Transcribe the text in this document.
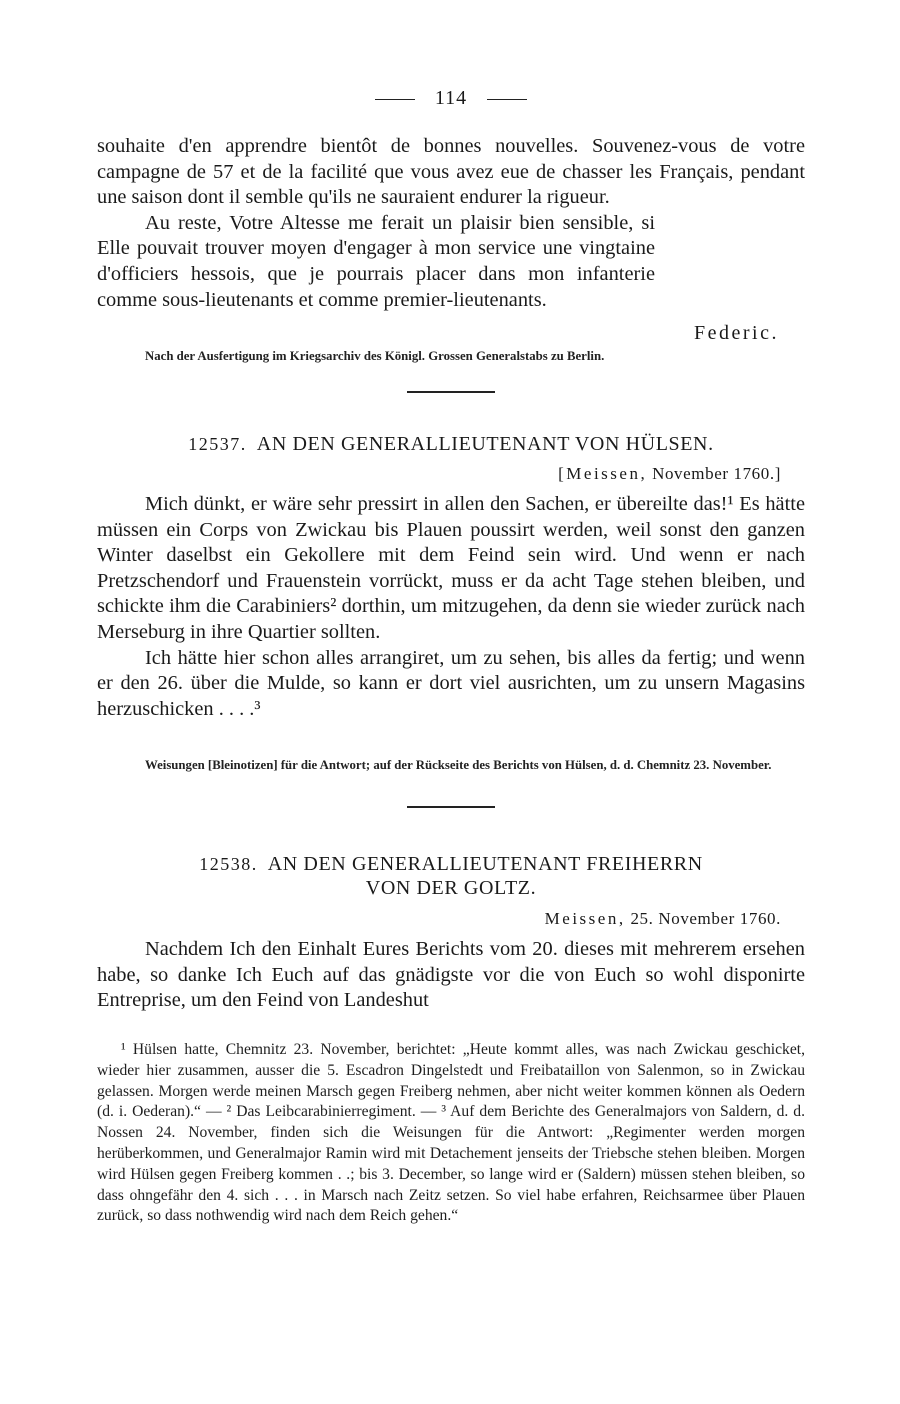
114

souhaite d'en apprendre bientôt de bonnes nouvelles. Souvenez-vous de votre campagne de 57 et de la facilité que vous avez eue de chasser les Français, pendant une saison dont il semble qu'ils ne sauraient endurer la rigueur.

Au reste, Votre Altesse me ferait un plaisir bien sensible, si Elle pouvait trouver moyen d'engager à mon service une vingtaine d'officiers hessois, que je pourrais placer dans mon infanterie comme sous-lieutenants et comme premier-lieutenants.

Federic.
Nach der Ausfertigung im Kriegsarchiv des Königl. Grossen Generalstabs zu Berlin.
12537. AN DEN GENERALLIEUTENANT VON HÜLSEN.
[Meissen, November 1760.]

Mich dünkt, er wäre sehr pressirt in allen den Sachen, er übereilte das!¹ Es hätte müssen ein Corps von Zwickau bis Plauen poussirt werden, weil sonst den ganzen Winter daselbst ein Gekollere mit dem Feind sein wird. Und wenn er nach Pretzschendorf und Frauenstein vorrückt, muss er da acht Tage stehen bleiben, und schickte ihm die Carabiniers² dorthin, um mitzugehen, da denn sie wieder zurück nach Merseburg in ihre Quartier sollten.

Ich hätte hier schon alles arrangiret, um zu sehen, bis alles da fertig; und wenn er den 26. über die Mulde, so kann er dort viel ausrichten, um zu unsern Magasins herzuschicken . . . .³

Weisungen [Bleinotizen] für die Antwort; auf der Rückseite des Berichts von Hülsen, d. d. Chemnitz 23. November.
12538. AN DEN GENERALLIEUTENANT FREIHERRN
VON DER GOLTZ.
Meissen, 25. November 1760.

Nachdem Ich den Einhalt Eures Berichts vom 20. dieses mit mehrerem ersehen habe, so danke Ich Euch auf das gnädigste vor die von Euch so wohl disponirte Entreprise, um den Feind von Landeshut

¹ Hülsen hatte, Chemnitz 23. November, berichtet: „Heute kommt alles, was nach Zwickau geschicket, wieder hier zusammen, ausser die 5. Escadron Dingelstedt und Freibataillon von Salenmon, so in Zwickau gelassen. Morgen werde meinen Marsch gegen Freiberg nehmen, aber nicht weiter kommen können als Oedern (d. i. Oederan).“ — ² Das Leibcarabinierregiment. — ³ Auf dem Berichte des Generalmajors von Saldern, d. d. Nossen 24. November, finden sich die Weisungen für die Antwort: „Regimenter werden morgen herüberkommen, und Generalmajor Ramin wird mit Detachement jenseits der Triebsche stehen bleiben. Morgen wird Hülsen gegen Freiberg kommen . .; bis 3. December, so lange wird er (Saldern) müssen stehen bleiben, so dass ohngefähr den 4. sich . . . in Marsch nach Zeitz setzen. So viel habe erfahren, Reichsarmee über Plauen zurück, so dass nothwendig wird nach dem Reich gehen.“
